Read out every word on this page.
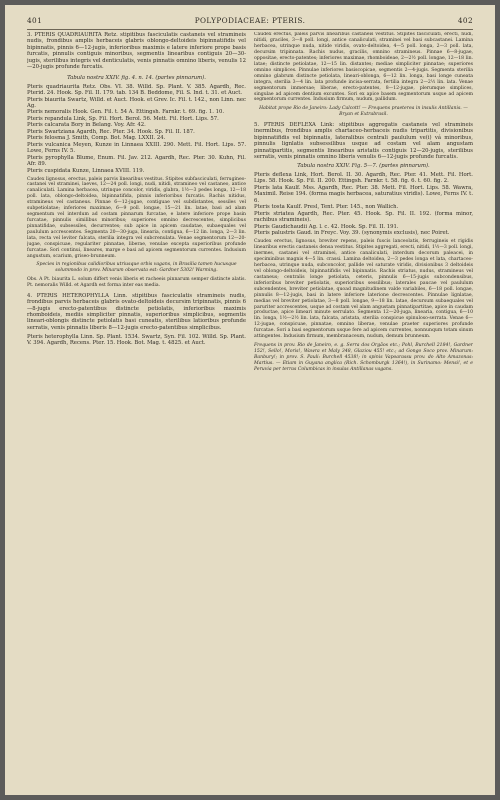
401	POLYPODIACEAE: PTERIS.	402

3. PTERIS QUADRIAURITA Retz. stipitibus fasciculatis castaneis vel stramineis nudis, frondibus amplis herbaceis glabris oblongo-deltoideis bipinnatifidis vel bipinnatis, pinnis 6—12-jugis, inferioribus maximis e latere inferiore prope basis furcatis, pinnulis contiguis minoribus, segmentis linearibus contiguis 20—30-jugis, sterilibus integris vel denticulatis, venis pinnatis omnino liberis, venulis 12—20-jugis profunde furcatis.

Tabula nostra XXIV. fig. 4. n. 14. (partes pinnarum).

Pteris quadriaurita Retz. Obs. VI. 38. Willd. Sp. Plant. V. 385. Agardh, Rec. Pterid. 24. Hook. Sp. Fil. II. 179. tab. 134 B. Beddome, Fil. S. Ind. t. 31. et Auct.

Pteris biaurita Swartz, Willd. et Auct. Hook. et Grev. Ic. Fil. t. 142., non Linn. nec Ag.

Pteris nemoralis Hook. Gen. Fil. t. 54 A. Ettingsh. Farnkr. t. 69. fig. 1. 10.

Pteris repandula Link, Sp. Fil. Hort. Berol. 56. Mett. Fil. Hort. Lips. 57.

Pteris calcarata Bory in Belang. Voy. Afr. 42.

Pteris Swartziana Agardh, Rec. Pter. 34. Hook. Sp. Fil. II. 187.

Pteris felosma J. Smith, Comp. Bot. Mag. LXXII. 24.

Pteris vulcanica Meyen, Kunze in Linnaea XXIII. 290. Mett. Fil. Hort. Lips. 57. Lowe, Ferns IV. 5.

Pteris pyrophylla Blume, Enum. Fil. Jav. 212. Agardh, Rec. Pter. 30. Kuhn, Fil. Afr. 89.

Pteris cuspidata Kunze, Linnaea XVIII. 119.

Caudex lignosus, erectus, paleis parvis linearibus vestitus. Stipites subfasciculati, ferrugineo-castanei vel straminei, laeves, 12—24 poll. longi, nudi, nitidi, stramineo vel castaneo, antice canaliculati. Lamina herbacea, utrinque concolor, viridis, glabra, 1½—3 pedes longa, 12—18 poll. lata, oblongo-deltoidea, bipinnatifida, pinnis inferioribus furcatis. Rachis nitidus, stramineus vel castaneus. Pinnae 6—12-jugae, contiguae vel subdistantes, sessiles vel subpetiolatae; inferiores maximae, 6—9 poll. longae, 15—21 lin. latae, basi ad alam segmentum vel interdum ad costam pinnarum furcatae, e latere inferiore prope basin furcatae, pinnulis similibus minoribus; superiores omnino decrescentes, simplicibus pinnatifidae, subsessiles, decurrentes; sub apice in apicem caudatae, subaequales vel paululum accrescentes. Segmenta 20—30-juga, linearia, contigua, 6—12 lin. longa, 2—3 lin. lata, recta vel leviter falcata, sterilia integra vel subcrenulata. Venae segmentorum 12—20-jugae, conspicuae, regulariter pinnatae, liberae, venulae excepta superioribus profunde furcatae. Sori continui, lineares, marge e basi ad apicem segmentorum currentes. Indusium angustum, scarium, griseo-brunneum.

Species in regionibus calidioribus utriusque orbis vagans, in Brasilia tamen hucusque solummodo in prov. Minarum observata est: Gardner 5302! Warming.

Obs. A Pt. biaurita L. solum differt venis liberis et racheeis pinnarum semper distincte alatis. Pt. nemoralis Willd. et Agardh est forma inter eas media.

4. PTERIS HETEROPHYLLA Linn. stipitibus fasciculatis stramineis nudis, frondibus parvis herbaceis glabris ovato-deltoideis decursim tripinnatis, pinnis 6—8-jugis erecto-patentibus distincte petiolatis, inferioribus maximis rhomboideis, mediis simpliciter pinnatis, superioribus simplicibus, segmentis lineari-oblongis distincte petiolatis basi cuneatis, sterilibus latioribus profunde serratis, venis pinnatis liberis 8—12-jugis erecto-patentibus simplicibus.

Pteris heterophylla Linn. Sp. Plant. 1534. Swartz, Syn. Fil. 102. Willd. Sp. Plant. V. 394. Agardh, Recens. Pter. 15. Hook. Bot. Mag. t. 4825. et Auct.

Caudex erectus, paleis parvis linearibus castaneis vestitus. Stipites fasciculati, erecti, nudi, nitidi, graciles, 3—8 poll. longi, antice canaliculati, straminei vel basi subcastanei. Lamina herbacea, utrinque nuda, nitide viridis, ovato-deltoidea, 4—5 poll. longa, 2—3 poll. lata, decursim tripinnata. Rachis nudus, gracilis, omnino stramineus. Pinnae 6—8-jugae, oppositae, erecto-patentes; inferiores maximae, rhomboideae, 2—2½ poll. longae, 12—18 lin. latae; distincte petiolatae, 12—15 lin. distantes; mediae simpliciter pinnatae; superiores omnino simplices. Pinnulae inferiores basiscopicae, segmentis 2—4-jugis. Segmenta sterilia omnino glabrum distincte petiolata, lineari-oblonga, 6—12 lin. longa, basi longe cuneata integra, sterilia 3—4 lin. lata profunde incisa-serrata, fertilia integra 2—2½ lin. lata. Venae segmentorum immersae; liberae, erecto-patentes, 8—12-jugae, plerumque simplices, singulae ad apicem dentium excuntes. Sori ex apice basem segmentorum usque ad apicem segmentorum currentes. Indusium firmum, nudum, pallidum.

Habitat prope Rio de Janeiro: Lady Calcott! — Frequens praeterea in insulis Antillanis. — Bryan et Extrabrasil.

5. PTERIS DEFLEXA Link: stipitibus aggregatis castaneis vel stramineis inermibus, frondibus amplis chartaceo-herbaceis nudis tripartitis, divisionibus bipinnatifidis vel bipinnatis, lateralibus centrali paululum ve(i) vá minoribus, pinnulis lignlatis subsessilibus usque ad costam vel alam angustam pinnatipartitis, segmentis linearibus aristatis contiguis 12—20-jugis, sterilibus serratis, venis pinnatis omnino liberis venulis 6—12-jugis profunde furcatis.

Tabula nostra XXIV. Fig. 5—7. (partes pinnarum).

Pteris deflexa Link, Hort. Berol. II. 30. Agardh, Rec. Pter. 41. Mett. Fil. Hort. Lips. 58. Hook. Sp. Fil. II. 200. Ettingsh. Farnkr. t. 58. fig. 6. t. 60. fig. 2.

Pteris lata Kaulf. Mss. Agardh, Rec. Pter. 38. Mett. Fil. Hort. Lips. 58. Wawra, Maximil. Reise 194. (forma magis herbacea, saturatius viridis). Lowe, Ferns IV. t. 6.

Pteris tosta Kaulf. Presl, Tent. Pter. 145., non Wallich.

Pteris striatea Agardh, Rec. Pter. 45. Hook. Sp. Fil. II. 192. (forma minor, rachibus stramineis).

Pteris Gaudichaudii Ag. l. c. 42. Hook. Sp. Fil. II. 191.

Pteris palustris Gaud. in Freyc. Voy. 39. (synonymis exclusis), nec Poiret.

Caudex erectus, lignosus, breviter repens, paleis fuscis lanceolatis, ferrugineis et rigidis linearibus erectis castaneis densa vestitus. Stipites aggregati, erecti, nitidi, 1½—3 poll. longi, inermes, castanei vel straminei, antice canaliculati, interdum decorum paleacei, in speciminibus magnis 4—5 lin. crassi. Lamina deltoidea, 2—3 pedes longa et lata, chartaceo-herbacea, utrinque nuda, subconcolor, pallide vel saturate viridis, divisionibus 3 deltoideis vel oblongo-deltoideis, bipinnatifidis vel bipinnatis. Rachis striatus, nudus, stramineus vel castaneus; centralis longe petiolata, ceteris, pinnulis 6—15-jugis subcondensibus, inferioribus breviter petiolatis, superioribus sessilibus; laterales paucae vel paululum subcendentes, breviter petiolatae, quoad magnitudinem valde variabiles, 6—18 poll. longae, pinnulis 8—12-jugis, basi in latere inferiore laterione decrescentes. Pinnulae lignlatae, medias vel breviter petiolatae, 3—8 poll. longae, 9—18 lin. latae, decursum subaequales vel paruriter accrescentes, usque ad costam vel alam angustam pinnatipartitae, apice in caudam productae, apice limeari minute serrulato. Segmenta 12—20-juga, linearia, contigua, 6—10 lin. longa, 1½—2½ lin. lata, falcata, aristata, sterilia conspicue spinuloso-serrata. Venae 6—12-jugae, conspicuae, pinnatae, omnino liberae, venulae praeter superiores profunde furcatae. Sori a basi segmentorum usque fere ad apicem currentes, nonnunqum totam sinum attingentes. Indusium firmum, membranaceum, nudum, demum brunneum.

Frequens in prov. Rio de Janeiro, e. g. Serra dos Orgãos etc.; Pohl, Burchell 2184!, Gardner 152!, Sello!, Moris!, Wawra et Maly 348, Glaziou 455! etc.; ad Gongo Soco prov. Minarum: Banbury!; in prov. S. Pauli: Burchell 4538!; in spinis Vapoarassu prov. do Alto Amazonas: Martius. — Etiam in Guyana anglica (Rich. Schomburgk 1364!), in Surinamo: Mensi!, et e Peruvia per terras Columbicas in insulas Antillanas vagans.
